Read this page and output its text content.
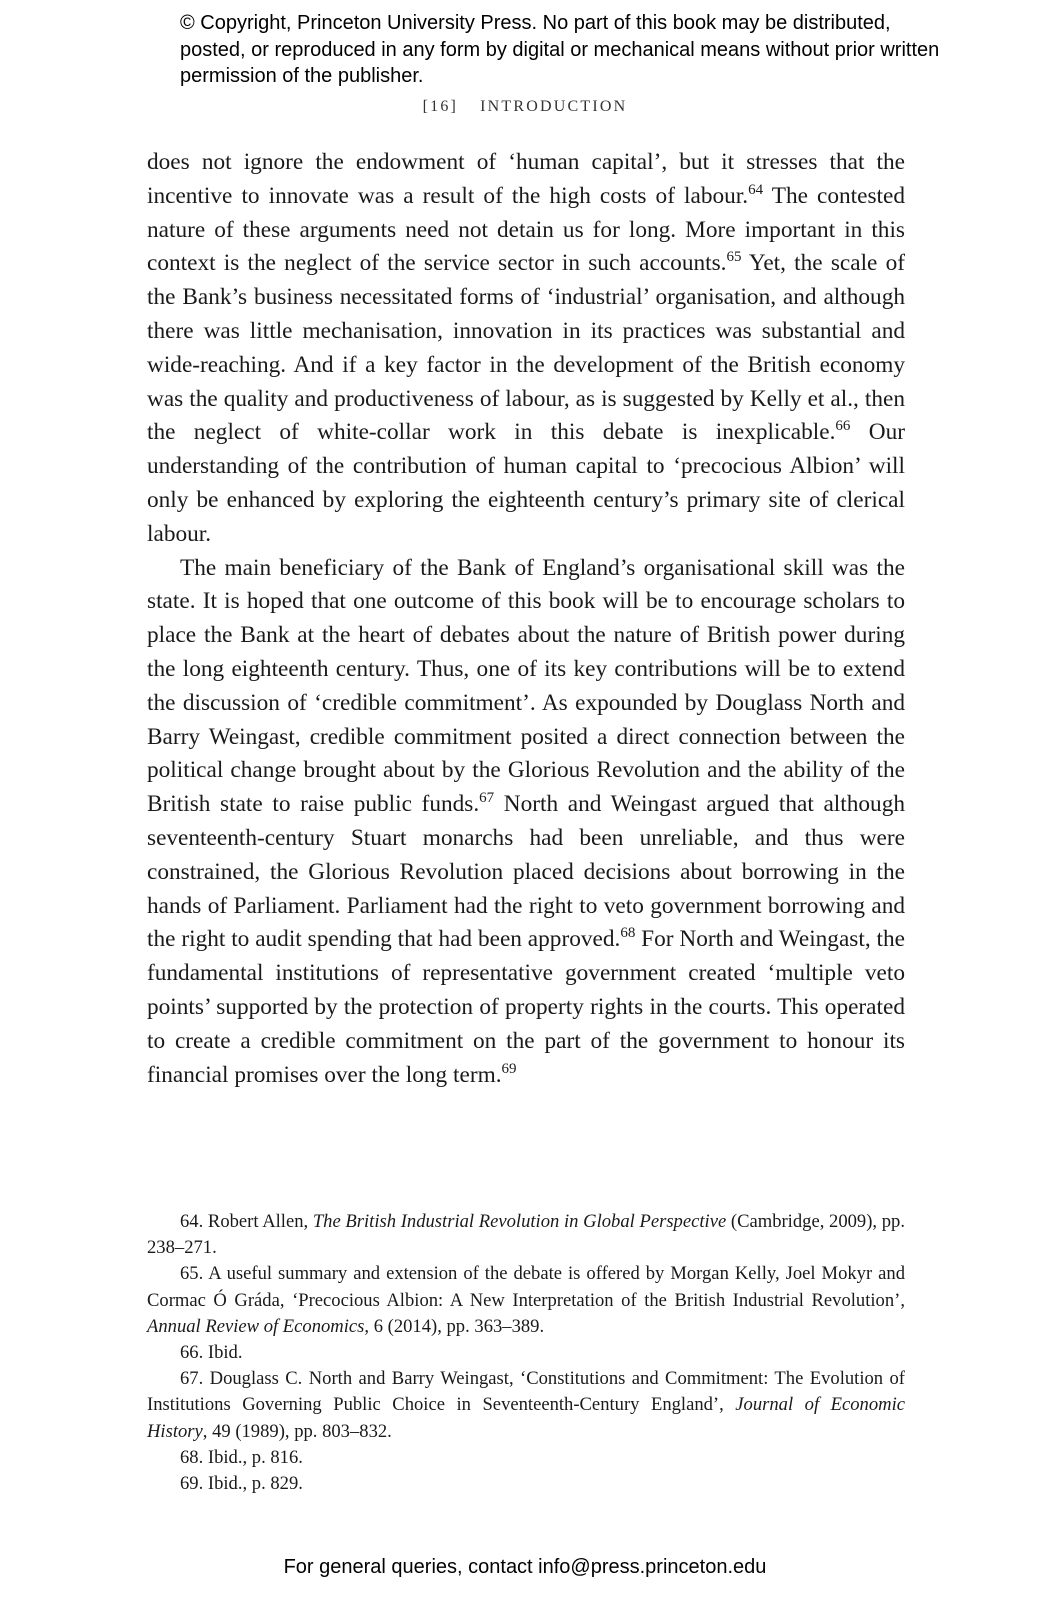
© Copyright, Princeton University Press. No part of this book may be distributed, posted, or reproduced in any form by digital or mechanical means without prior written permission of the publisher.
[16] INTRODUCTION

does not ignore the endowment of ‘human capital’, but it stresses that the incentive to innovate was a result of the high costs of labour.$^{64}$ The contested nature of these arguments need not detain us for long. More important in this context is the neglect of the service sector in such accounts.$^{65}$ Yet, the scale of the Bank’s business necessitated forms of ‘industrial’ organisation, and although there was little mechanisation, innovation in its practices was substantial and wide-reaching. And if a key factor in the development of the British economy was the quality and productiveness of labour, as is suggested by Kelly et al., then the neglect of white-collar work in this debate is inexplicable.$^{66}$ Our understanding of the contribution of human capital to ‘precocious Albion’ will only be enhanced by exploring the eighteenth century’s primary site of clerical labour.

The main beneficiary of the Bank of England’s organisational skill was the state. It is hoped that one outcome of this book will be to encourage scholars to place the Bank at the heart of debates about the nature of British power during the long eighteenth century. Thus, one of its key contributions will be to extend the discussion of ‘credible commitment’. As expounded by Douglass North and Barry Weingast, credible commitment posited a direct connection between the political change brought about by the Glorious Revolution and the ability of the British state to raise public funds.$^{67}$ North and Weingast argued that although seventeenth-century Stuart monarchs had been unreliable, and thus were constrained, the Glorious Revolution placed decisions about borrowing in the hands of Parliament. Parliament had the right to veto government borrowing and the right to audit spending that had been approved.$^{68}$ For North and Weingast, the fundamental institutions of representative government created ‘multiple veto points’ supported by the protection of property rights in the courts. This operated to create a credible commitment on the part of the government to honour its financial promises over the long term.$^{69}$

64. Robert Allen, The British Industrial Revolution in Global Perspective (Cambridge, 2009), pp. 238–271.

65. A useful summary and extension of the debate is offered by Morgan Kelly, Joel Mokyr and Cormac Ó Gráda, ‘Precocious Albion: A New Interpretation of the British Industrial Revolution’, Annual Review of Economics, 6 (2014), pp. 363–389.

66. Ibid.

67. Douglass C. North and Barry Weingast, ‘Constitutions and Commitment: The Evolution of Institutions Governing Public Choice in Seventeenth-Century England’, Journal of Economic History, 49 (1989), pp. 803–832.

68. Ibid., p. 816.

69. Ibid., p. 829.

For general queries, contact info@press.princeton.edu
